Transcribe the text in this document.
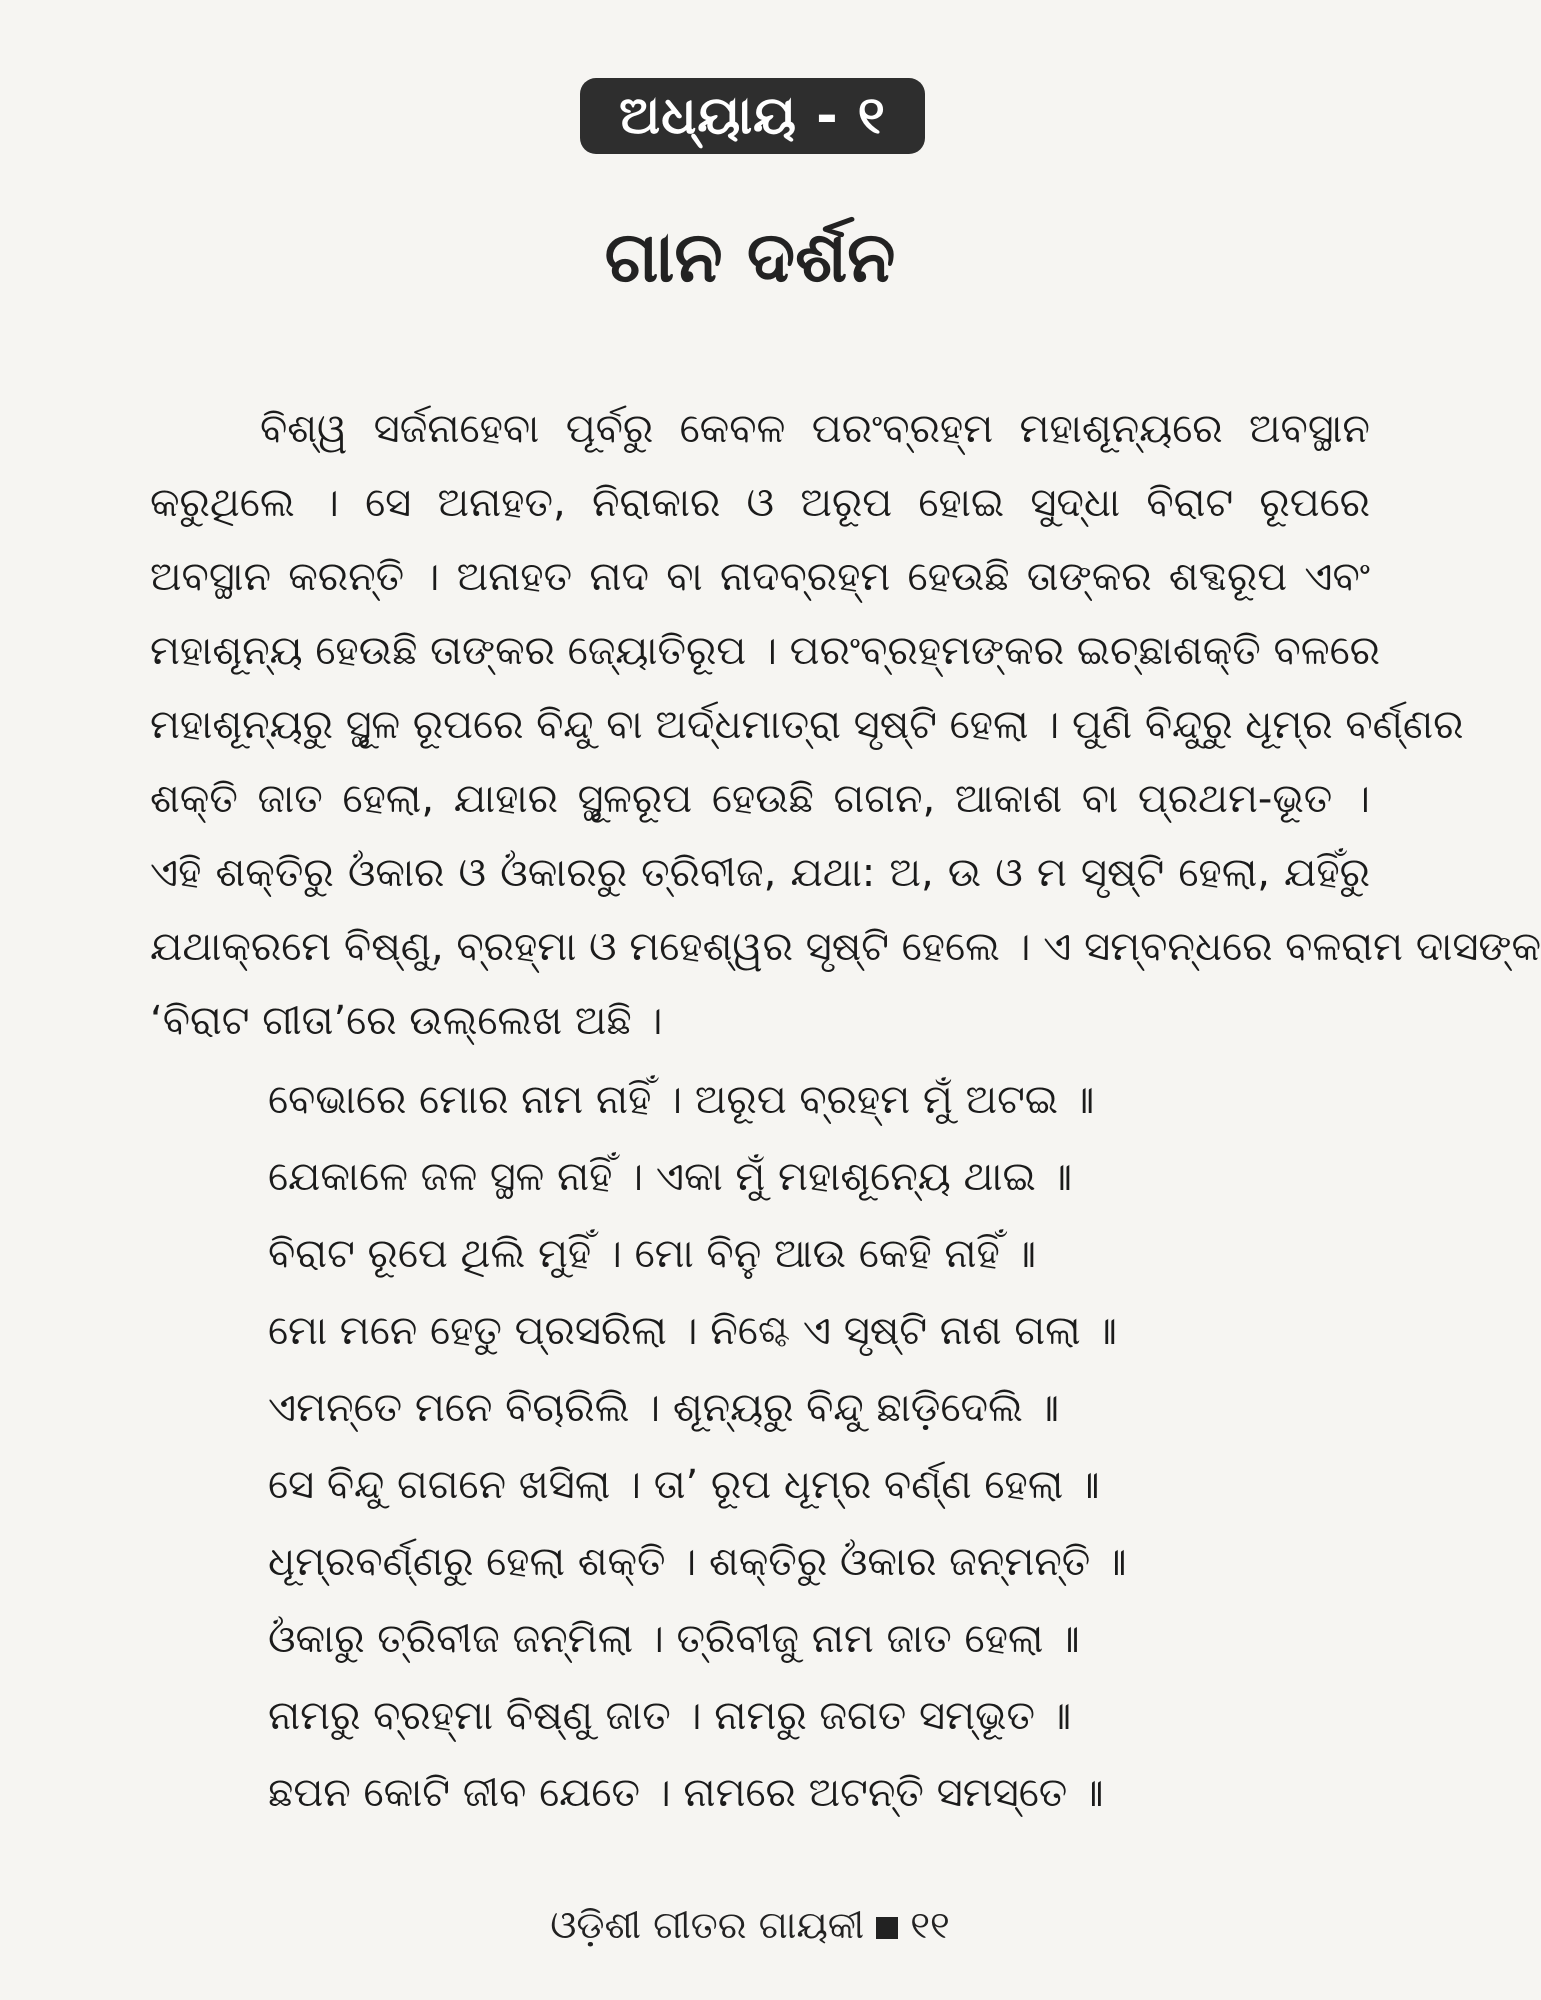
ଅଧ୍ୟାୟ - ୧
ଗାନ ଦର୍ଶନ
ବିଶ୍ୱ ସର୍ଜନାହେବା ପୂର୍ବରୁ କେବଳ ପରଂବ୍ରହ୍ମ ମହାଶୂନ୍ୟରେ ଅବସ୍ଥାନ
କରୁଥିଲେ । ସେ ଅନାହତ, ନିରାକାର ଓ ଅରୂପ ହୋଇ ସୁଦ୍ଧା ବିରାଟ ରୂପରେ
ଅବସ୍ଥାନ କରନ୍ତି । ଅନାହତ ନାଦ ବା ନାଦବ୍ରହ୍ମ ହେଉଛି ତାଙ୍କର ଶବ୍ଦରୂପ ଏବଂ
ମହାଶୂନ୍ୟ ହେଉଛି ତାଙ୍କର ଜ୍ୟୋତିରୂପ । ପରଂବ୍ରହ୍ମଙ୍କର ଇଚ୍ଛାଶକ୍ତି ବଳରେ
ମହାଶୂନ୍ୟରୁ ସ୍ଥୂଳ ରୂପରେ ବିନ୍ଦୁ ବା ଅର୍ଦ୍ଧମାତ୍ରା ସୃଷ୍ଟି ହେଲା । ପୁଣି ବିନ୍ଦୁରୁ ଧୂମ୍ର ବର୍ଣ୍ଣର
ଶକ୍ତି ଜାତ ହେଲା, ଯାହାର ସ୍ଥୂଳରୂପ ହେଉଛି ଗଗନ, ଆକାଶ ବା ପ୍ରଥମ-ଭୂତ ।
ଏହି ଶକ୍ତିରୁ ଓଁକାର ଓ ଓଁକାରରୁ ତ୍ରିବୀଜ, ଯଥା: ଅ, ଉ ଓ ମ ସୃଷ୍ଟି ହେଲା, ଯହିଁରୁ
ଯଥାକ୍ରମେ ବିଷ୍ଣୁ, ବ୍ରହ୍ମା ଓ ମହେଶ୍ୱର ସୃଷ୍ଟି ହେଲେ । ଏ ସମ୍ବନ୍ଧରେ ବଳରାମ ଦାସଙ୍କ
‘ବିରାଟ ଗୀତା’ରେ ଉଲ୍ଲେଖ ଅଛି ।
ବେଭାରେ ମୋର ନାମ ନାହିଁ । ଅରୂପ ବ୍ରହ୍ମ ମୁଁ ଅଟଇ ॥
ଯେକାଳେ ଜଳ ସ୍ଥଳ ନାହିଁ । ଏକା ମୁଁ ମହାଶୂନ୍ୟେ ଥାଇ ॥
ବିରାଟ ରୂପେ ଥିଲି ମୁହିଁ । ମୋ ବିନୁ ଆଉ କେହି ନାହିଁ ॥
ମୋ ମନେ ହେତୁ ପ୍ରସରିଲା । ନିଶ୍ଚେ ଏ ସୃଷ୍ଟି ନାଶ ଗଲା ॥
ଏମନ୍ତେ ମନେ ବିଚାରିଲି । ଶୂନ୍ୟରୁ ବିନ୍ଦୁ ଛାଡ଼ିଦେଲି ॥
ସେ ବିନ୍ଦୁ ଗଗନେ ଖସିଲା । ତା’ ରୂପ ଧୂମ୍ର ବର୍ଣ୍ଣ ହେଲା ॥
ଧୂମ୍ରବର୍ଣ୍ଣରୁ ହେଲା ଶକ୍ତି । ଶକ୍ତିରୁ ଓଁକାର ଜନ୍ମନ୍ତି ॥
ଓଁକାରୁ ତ୍ରିବୀଜ ଜନ୍ମିଲା । ତ୍ରିବୀଜୁ ନାମ ଜାତ ହେଲା ॥
ନାମରୁ ବ୍ରହ୍ମା ବିଷ୍ଣୁ ଜାତ । ନାମରୁ ଜଗତ ସମ୍ଭୂତ ॥
ଛପନ କୋଟି ଜୀବ ଯେତେ । ନାମରେ ଅଟନ୍ତି ସମସ୍ତେ ॥
ଓଡ଼ିଶୀ ଗୀତର ଗାୟକୀ ୧୧
